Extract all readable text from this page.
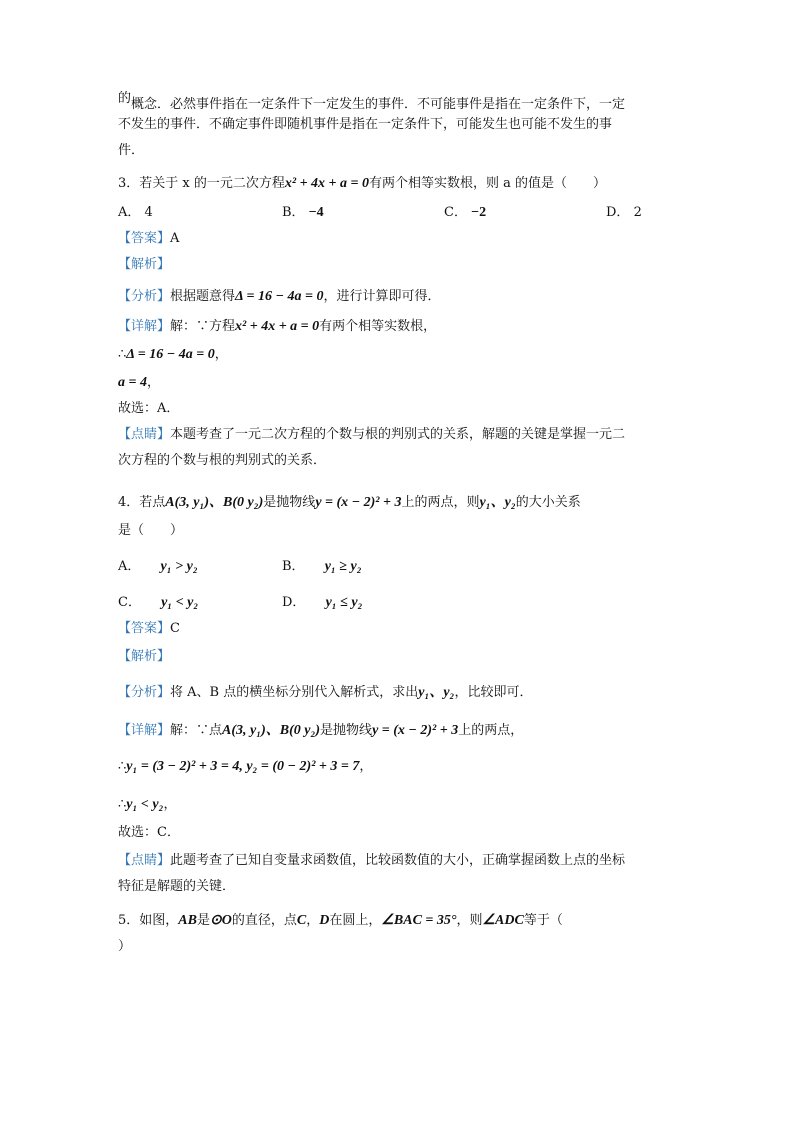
的概念．必然事件指在一定条件下一定发生的事件．不可能事件是指在一定条件下，一定
不发生的事件．不确定事件即随机事件是指在一定条件下，可能发生也可能不发生的事
件．
3．若关于 x 的一元二次方程x² + 4x + a = 0有两个相等实数根，则 a 的值是（　　）
A． 4	B． −4	C． −2	D． 2
【答案】A
【解析】
【分析】根据题意得Δ = 16 − 4a = 0，进行计算即可得．
【详解】解：∵方程x² + 4x + a = 0有两个相等实数根，
∴Δ = 16 − 4a = 0，
a = 4，
故选：A．
【点睛】本题考查了一元二次方程的个数与根的判别式的关系，解题的关键是掌握一元二
次方程的个数与根的判别式的关系．
4．若点A(3, y₁)、B(0 y₂)是抛物线y = (x − 2)² + 3上的两点，则y₁、y₂的大小关系
是（　　）
A． y₁ > y₂	B． y₁ ≥ y₂
C． y₁ < y₂	D． y₁ ≤ y₂
【答案】C
【解析】
【分析】将 A、B 点的横坐标分别代入解析式，求出y₁、y₂，比较即可．
【详解】解：∵点A(3, y₁)、B(0 y₂)是抛物线y = (x − 2)² + 3上的两点，
∴y₁ = (3 − 2)² + 3 = 4, y₂ = (0 − 2)² + 3 = 7，
∴y₁ < y₂，
故选：C．
【点睛】此题考查了已知自变量求函数值，比较函数值的大小，正确掌握函数上点的坐标
特征是解题的关键．
5．如图，AB是⊙O的直径，点C，D在圆上，∠BAC = 35°，则∠ADC等于（
）
